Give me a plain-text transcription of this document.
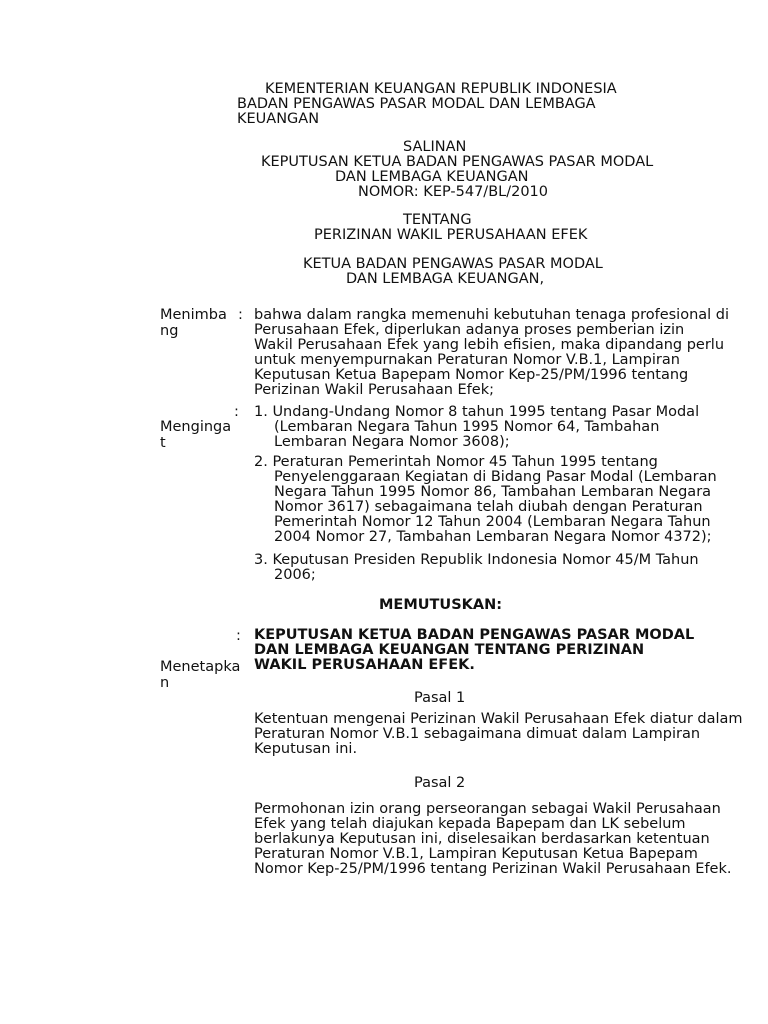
KEMENTERIAN KEUANGAN REPUBLIK INDONESIA
BADAN PENGAWAS PASAR MODAL DAN LEMBAGA
KEUANGAN
SALINAN
KEPUTUSAN KETUA BADAN PENGAWAS PASAR MODAL
DAN LEMBAGA KEUANGAN
NOMOR: KEP-547/BL/2010
TENTANG
PERIZINAN WAKIL PERUSAHAAN EFEK
KETUA BADAN PENGAWAS PASAR MODAL
DAN LEMBAGA KEUANGAN,
Menimba
ng
: bahwa dalam rangka memenuhi kebutuhan tenaga profesional di
Perusahaan Efek, diperlukan adanya proses pemberian izin
Wakil Perusahaan Efek yang lebih efisien, maka dipandang perlu
untuk menyempurnakan Peraturan Nomor V.B.1, Lampiran
Keputusan Ketua Bapepam Nomor Kep-25/PM/1996 tentang
Perizinan Wakil Perusahaan Efek;
:
Menginga
t
1. Undang-Undang Nomor 8 tahun 1995 tentang Pasar Modal
(Lembaran Negara Tahun 1995 Nomor 64, Tambahan
Lembaran Negara Nomor 3608);
2. Peraturan Pemerintah Nomor 45 Tahun 1995 tentang
Penyelenggaraan Kegiatan di Bidang Pasar Modal (Lembaran
Negara Tahun 1995 Nomor 86, Tambahan Lembaran Negara
Nomor 3617) sebagaimana telah diubah dengan Peraturan
Pemerintah Nomor 12 Tahun 2004 (Lembaran Negara Tahun
2004 Nomor 27, Tambahan Lembaran Negara Nomor 4372);
3. Keputusan Presiden Republik Indonesia Nomor 45/M Tahun
2006;
MEMUTUSKAN:
:
Menetapka
n
KEPUTUSAN KETUA BADAN PENGAWAS PASAR MODAL
DAN LEMBAGA KEUANGAN TENTANG PERIZINAN
WAKIL PERUSAHAAN EFEK.
Pasal 1
Ketentuan mengenai Perizinan Wakil Perusahaan Efek diatur dalam
Peraturan Nomor V.B.1 sebagaimana dimuat dalam Lampiran
Keputusan ini.
Pasal 2
Permohonan izin orang perseorangan sebagai Wakil Perusahaan
Efek yang telah diajukan kepada Bapepam dan LK sebelum
berlakunya Keputusan ini, diselesaikan berdasarkan ketentuan
Peraturan Nomor V.B.1, Lampiran Keputusan Ketua Bapepam
Nomor Kep-25/PM/1996 tentang Perizinan Wakil Perusahaan Efek.
